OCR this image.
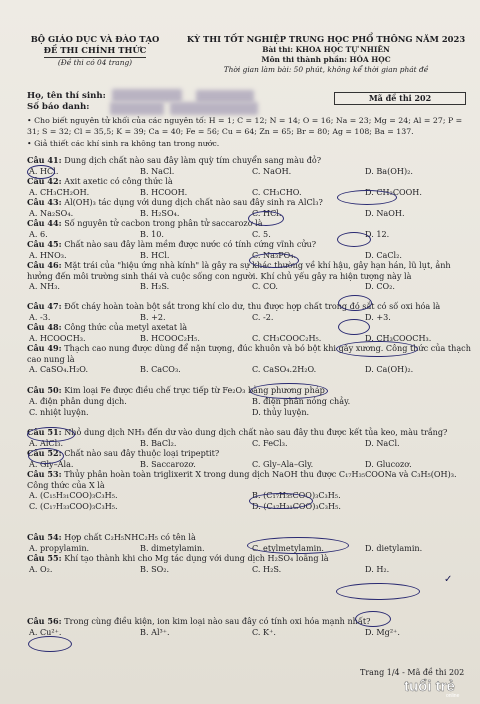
BỘ GIÁO DỤC VÀ ĐÀO TẠO
ĐỀ THI CHÍNH THỨC
(Đề thi có 04 trang)
KỲ THI TỐT NGHIỆP TRUNG HỌC PHỔ THÔNG NĂM 2023
Bài thi: KHOA HỌC TỰ NHIÊN
Môn thi thành phần: HÓA HỌC
Thời gian làm bài: 50 phút, không kể thời gian phát đề
Họ, tên thí sinh:
Số báo danh:
Mã đề thi 202
• Cho biết nguyên tử khối của các nguyên tố: H = 1; C = 12; N = 14; O = 16; Na = 23; Mg = 24; Al = 27; P = 31; S = 32; Cl = 35,5; K = 39; Ca = 40; Fe = 56; Cu = 64; Zn = 65; Br = 80; Ag = 108; Ba = 137.
• Giả thiết các khí sinh ra không tan trong nước.
Câu 41: Dung dịch chất nào sau đây làm quỳ tím chuyển sang màu đỏ?
A. HCl.	B. NaCl.	C. NaOH.	D. Ba(OH)₂.
Câu 42: Axit axetic có công thức là
A. CH₃CH₂OH.	B. HCOOH.	C. CH₃CHO.	D. CH₃COOH.
Câu 43: Al(OH)₃ tác dụng với dung dịch chất nào sau đây sinh ra AlCl₃?
A. Na₂SO₄.	B. H₂SO₄.	C. HCl.	D. NaOH.
Câu 44: Số nguyên tử cacbon trong phân tử saccarozơ là
A. 6.	B. 10.	C. 5.	D. 12.
Câu 45: Chất nào sau đây làm mềm được nước có tính cứng vĩnh cửu?
A. HNO₃.	B. HCl.	C. Na₃PO₄.	D. CaCl₂.
Câu 46: Mặt trái của "hiệu ứng nhà kính" là gây ra sự khác thường về khí hậu, gây hạn hán, lũ lụt, ảnh hưởng đến môi trường sinh thái và cuộc sống con người. Khí chủ yếu gây ra hiện tượng này là
A. NH₃.	B. H₂S.	C. CO.	D. CO₂.
Câu 47: Đốt cháy hoàn toàn bột sắt trong khí clo dư, thu được hợp chất trong đó sắt có số oxi hóa là
A. -3.	B. +2.	C. -2.	D. +3.
Câu 48: Công thức của metyl axetat là
A. HCOOCH₃.	B. HCOOC₂H₅.	C. CH₃COOC₂H₅.	D. CH₃COOCH₃.
Câu 49: Thạch cao nung được dùng để nặn tượng, đúc khuôn và bó bột khi gãy xương. Công thức của thạch cao nung là
A. CaSO₄.H₂O.	B. CaCO₃.	C. CaSO₄.2H₂O.	D. Ca(OH)₂.
Câu 50: Kim loại Fe được điều chế trực tiếp từ Fe₂O₃ bằng phương pháp
A. điện phân dung dịch.	B. điện phân nóng chảy.
C. nhiệt luyện.	D. thủy luyện.
Câu 51: Nhỏ dung dịch NH₃ đến dư vào dung dịch chất nào sau đây thu được kết tủa keo, màu trắng?
A. AlCl₃.	B. BaCl₂.	C. FeCl₃.	D. NaCl.
Câu 52: Chất nào sau đây thuộc loại tripeptit?
A. Gly–Ala.	B. Saccarozơ.	C. Gly–Ala–Gly.	D. Glucozơ.
Câu 53: Thủy phân hoàn toàn triglixerit X trong dung dịch NaOH thu được C₁₇H₃₅COONa và C₃H₅(OH)₃. Công thức của X là
A. (C₁₅H₃₁COO)₃C₃H₅.	B. (C₁₇H₃₅COO)₃C₃H₅.
C. (C₁₇H₃₃COO)₃C₃H₅.	D. (C₁₇H₃₁COO)₃C₃H₅.
Câu 54: Hợp chất C₂H₅NHC₂H₅ có tên là
A. propylamin.	B. dimetylamin.	C. etylmetylamin.	D. dietylamin.
Câu 55: Khí tạo thành khi cho Mg tác dụng với dung dịch H₂SO₄ loãng là
A. O₂.	B. SO₂.	C. H₂S.	D. H₂.
Câu 56: Trong cùng điều kiện, ion kim loại nào sau đây có tính oxi hóa mạnh nhất?
A. Cu²⁺.	B. Al³⁺.	C. K⁺.	D. Mg²⁺.
✓
Trang 1/4 - Mã đề thi 202
tuổi trẻ
online
